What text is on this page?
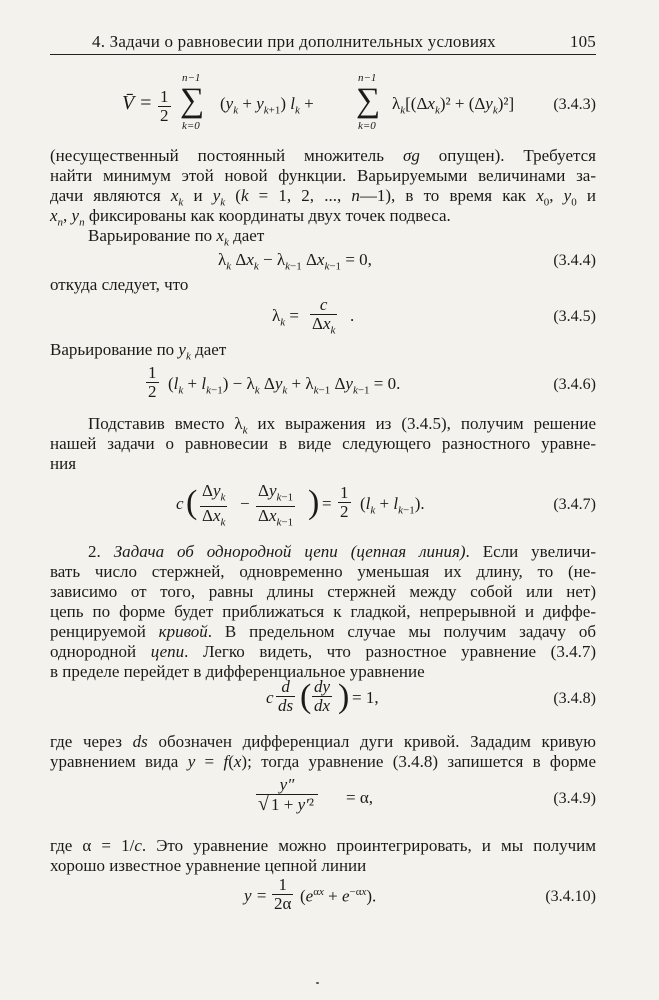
4. Задачи о равновесии при дополнительных условиях	105
V̄ = $\frac{1}{2}$
n−1
∑
k=0
$(y_k + y_{k+1}) l_k$ +
n−1
∑
k=0
$\lambda_k[(\Delta x_k)^2 + (\Delta y_k)^2]$ (3.4.3)
(несущественный постоянный множитель σg опущен). Требуется
найти минимум этой новой функции. Варьируемыми величинами за-
дачи являются $x_k$ и $y_k$ (k = 1, 2, ..., n—1), в то время как $x_0$, $y_0$ и
$x_n$, $y_n$ фиксированы как координаты двух точек подвеса.
Варьирование по $x_k$ дает
$\lambda_k$ $\Delta x_k - \lambda_{k-1}$ $\Delta x_{k-1} = 0$,	(3.4.4)
откуда следует, что
$\lambda_k$ =
c
$\Delta x_k$
.	(3.4.5)
Варьирование по $y_k$ дает
$\frac{1}{2} (l_k + l_{k-1}) - \lambda_k$ $\Delta y_k + \lambda_{k-1}$ $\Delta y_{k-1} = 0$.	(3.4.6)
Подставив вместо $\lambda_k$ их выражения из (3.4.5), получим решение
нашей задачи о равновесии в виде следующего разностного уравне-
ния
c ( $\Delta y_k$
$\Delta x_k$
−
$\Delta y_{k-1}$
$\Delta x_{k-1}$
) = $\frac{1}{2} (l_k + l_{k-1})$.	(3.4.7)
2. Задача об однородной цепи (цепная линия). Если увеличи-
вать число стержней, одновременно уменьшая их длину, то (не-
зависимо от того, равны длины стержней между собой или нет)
цепь по форме будет приближаться к гладкой, непрерывной и диффе-
ренцируемой кривой. В предельном случае мы получим задачу об
однородной цепи. Легко видеть, что разностное уравнение (3.4.7)
в пределе перейдет в дифференциальное уравнение
c $\frac{d}{ds}$ ( $\frac{dy}{dx}$ ) = 1,	(3.4.8)
где через ds обозначен дифференциал дуги кривой. Зададим кривую
уравнением вида y = f(x); тогда уравнение (3.4.8) запишется в форме
$\frac{y''}{\text{√ 1 + y′²}} = \alpha$,	(3.4.9)
где α = 1/c. Это уравнение можно проинтегрировать, и мы получим
хорошо известное уравнение цепной линии
$y = \frac{1}{2\alpha} (e^{\alpha x} + e^{-\alpha x})$.	(3.4.10)
